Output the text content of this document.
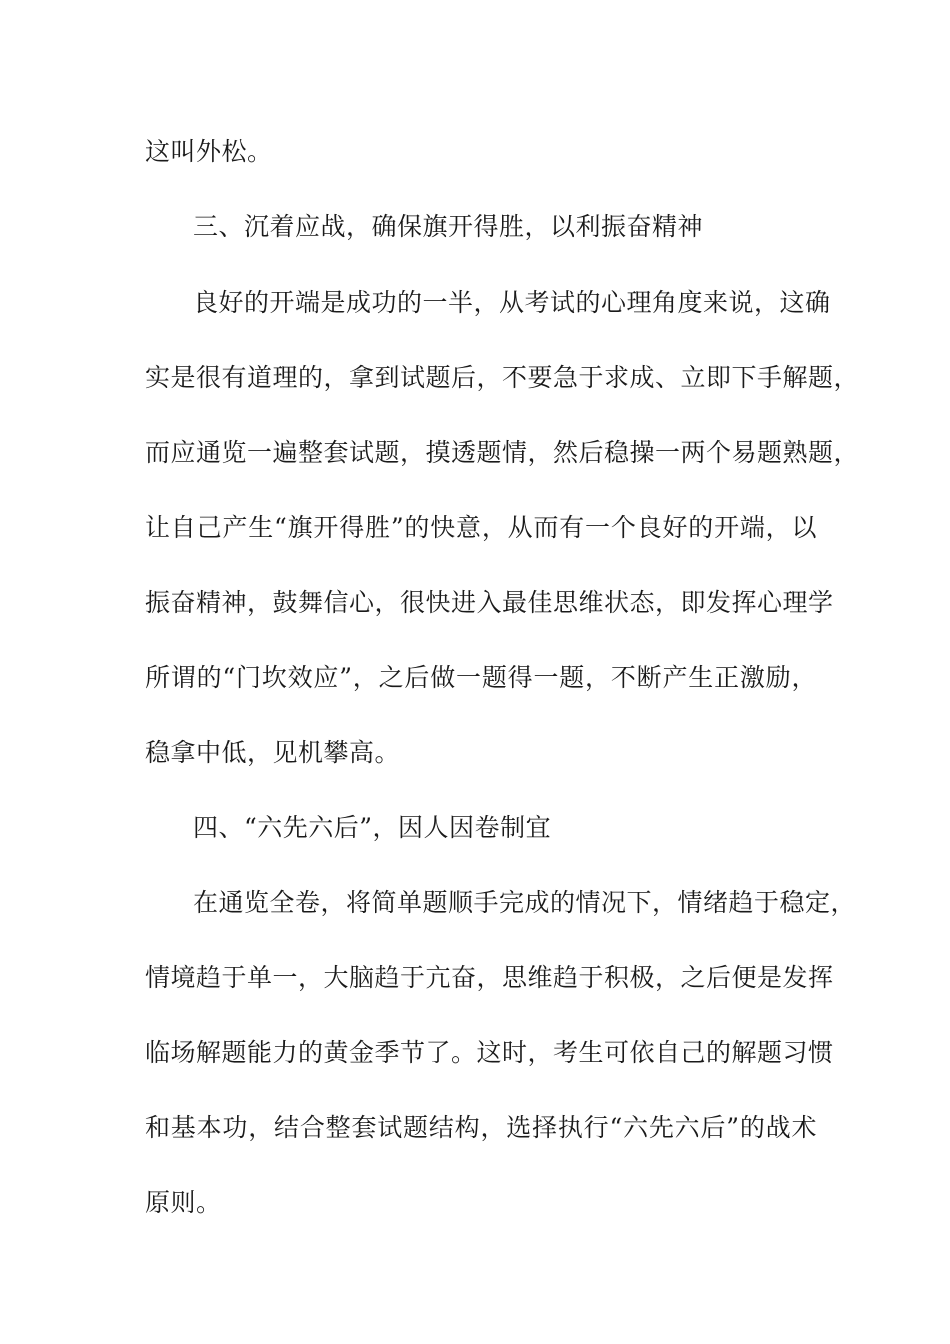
这叫外松。
三、沉着应战，确保旗开得胜，以利振奋精神
良好的开端是成功的一半，从考试的心理角度来说，这确
实是很有道理的，拿到试题后，不要急于求成、立即下手解题，
而应通览一遍整套试题，摸透题情，然后稳操一两个易题熟题，
让自己产生“旗开得胜”的快意，从而有一个良好的开端，以
振奋精神，鼓舞信心，很快进入最佳思维状态，即发挥心理学
所谓的“门坎效应”，之后做一题得一题，不断产生正激励，
稳拿中低，见机攀高。
四、“六先六后”，因人因卷制宜
在通览全卷，将简单题顺手完成的情况下，情绪趋于稳定，
情境趋于单一，大脑趋于亢奋，思维趋于积极，之后便是发挥
临场解题能力的黄金季节了。这时，考生可依自己的解题习惯
和基本功，结合整套试题结构，选择执行“六先六后”的战术
原则。
